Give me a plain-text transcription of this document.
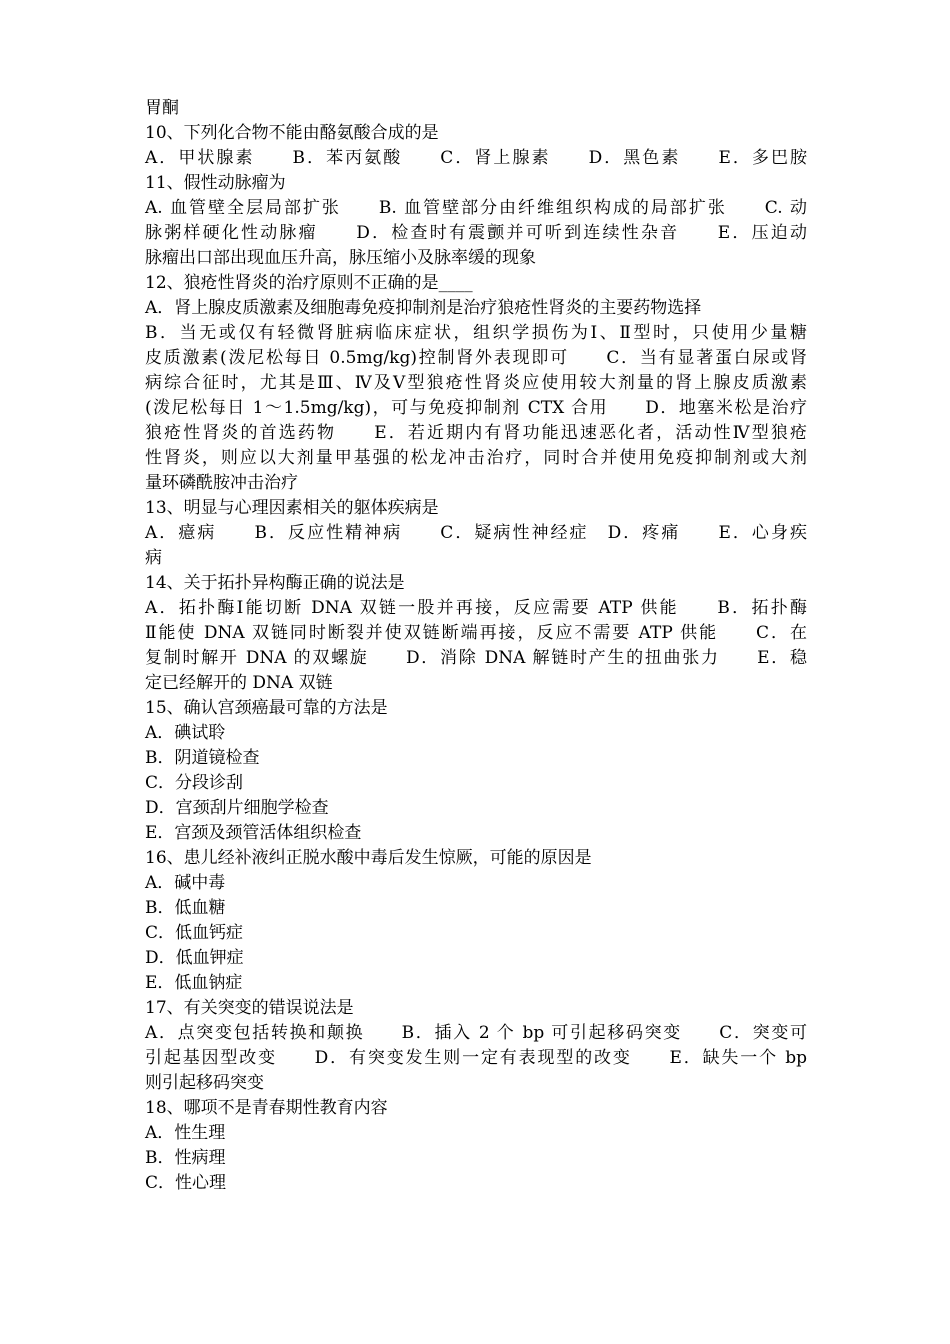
胃酮
10、下列化合物不能由酪氨酸合成的是
A．甲状腺素　　B．苯丙氨酸　　C．肾上腺素　　D．黑色素　　E．多巴胺
11、假性动脉瘤为
A. 血管壁全层局部扩张　　B. 血管壁部分由纤维组织构成的局部扩张　　C. 动
脉粥样硬化性动脉瘤　　D．检查时有震颤并可听到连续性杂音　　E．压迫动
脉瘤出口部出现血压升高，脉压缩小及脉率缓的现象
12、狼疮性肾炎的治疗原则不正确的是____
A．肾上腺皮质激素及细胞毒免疫抑制剂是治疗狼疮性肾炎的主要药物选择
B．当无或仅有轻微肾脏病临床症状，组织学损伤为Ⅰ、Ⅱ型时，只使用少量糖
皮质激素(泼尼松每日 0.5mg/kg)控制肾外表现即可　　C．当有显著蛋白尿或肾
病综合征时，尤其是Ⅲ、Ⅳ及Ⅴ型狼疮性肾炎应使用较大剂量的肾上腺皮质激素
(泼尼松每日 1～1.5mg/kg)，可与免疫抑制剂 CTX 合用　　D．地塞米松是治疗
狼疮性肾炎的首选药物　　E．若近期内有肾功能迅速恶化者，活动性Ⅳ型狼疮
性肾炎，则应以大剂量甲基强的松龙冲击治疗，同时合并使用免疫抑制剂或大剂
量环磷酰胺冲击治疗
13、明显与心理因素相关的躯体疾病是
A．癔病　　B．反应性精神病　　C．疑病性神经症　D．疼痛　　E．心身疾
病
14、关于拓扑异构酶正确的说法是
A．拓扑酶Ⅰ能切断 DNA 双链一股并再接，反应需要 ATP 供能　　B．拓扑酶
Ⅱ能使 DNA 双链同时断裂并使双链断端再接，反应不需要 ATP 供能　　C．在
复制时解开 DNA 的双螺旋　　D．消除 DNA 解链时产生的扭曲张力　　E．稳
定已经解开的 DNA 双链
15、确认宫颈癌最可靠的方法是
A．碘试聆
B．阴道镜检查
C．分段诊刮
D．宫颈刮片细胞学检查
E．宫颈及颈管活体组织检查
16、患儿经补液纠正脱水酸中毒后发生惊厥，可能的原因是
A．碱中毒
B．低血糖
C．低血钙症
D．低血钾症
E．低血钠症
17、有关突变的错误说法是
A．点突变包括转换和颠换　　B．插入 2 个 bp 可引起移码突变　　C．突变可
引起基因型改变　　D．有突变发生则一定有表现型的改变　　E．缺失一个 bp
则引起移码突变
18、哪项不是青春期性教育内容
A．性生理
B．性病理
C．性心理
